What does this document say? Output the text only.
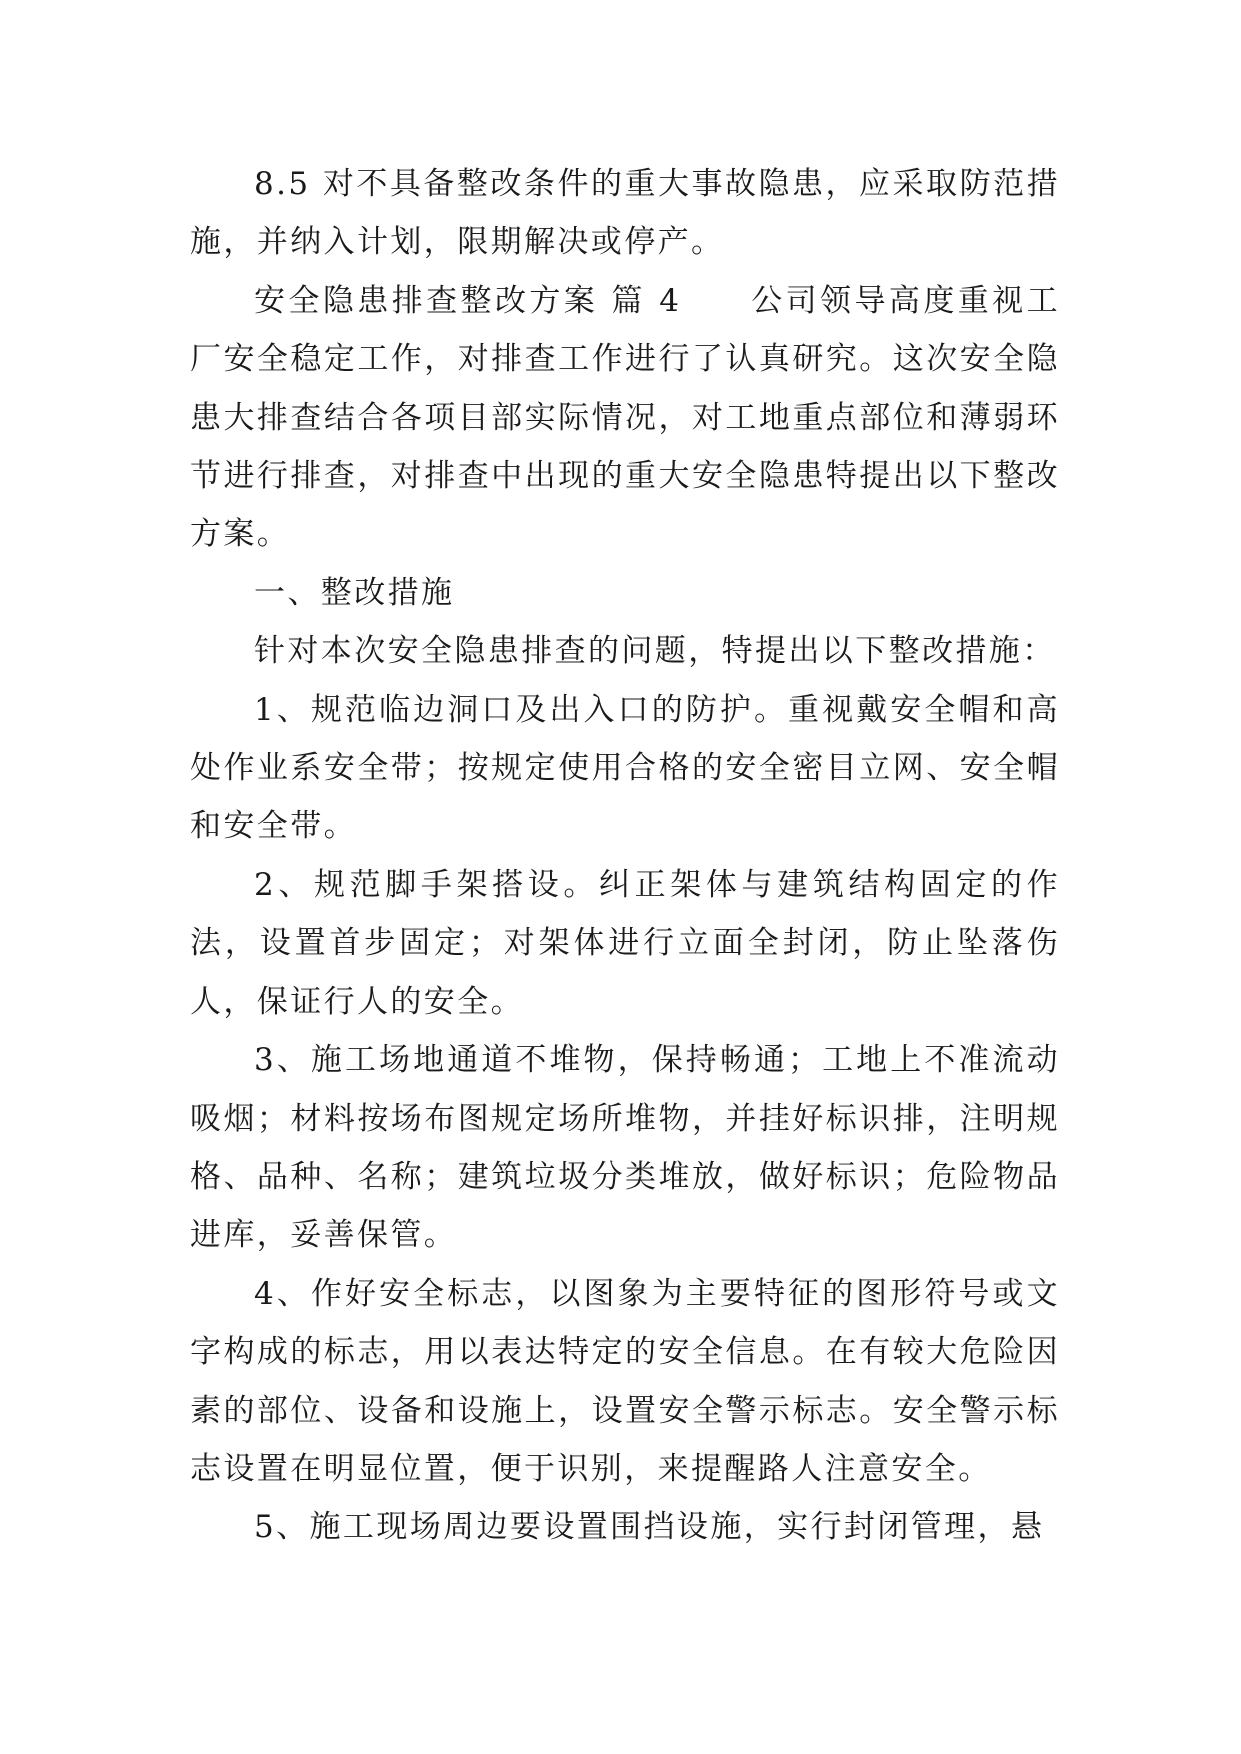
8.5 对不具备整改条件的重大事故隐患，应采取防范措施，并纳入计划，限期解决或停产。

安全隐患排查整改方案 篇 4　　公司领导高度重视工厂安全稳定工作，对排查工作进行了认真研究。这次安全隐患大排查结合各项目部实际情况，对工地重点部位和薄弱环节进行排查，对排查中出现的重大安全隐患特提出以下整改方案。

一、整改措施

针对本次安全隐患排查的问题，特提出以下整改措施：

1、规范临边洞口及出入口的防护。重视戴安全帽和高处作业系安全带；按规定使用合格的安全密目立网、安全帽和安全带。

2、规范脚手架搭设。纠正架体与建筑结构固定的作法，设置首步固定；对架体进行立面全封闭，防止坠落伤人，保证行人的安全。

3、施工场地通道不堆物，保持畅通；工地上不准流动吸烟；材料按场布图规定场所堆物，并挂好标识排，注明规格、品种、名称；建筑垃圾分类堆放，做好标识；危险物品进库，妥善保管。

4、作好安全标志，以图象为主要特征的图形符号或文字构成的标志，用以表达特定的安全信息。在有较大危险因素的部位、设备和设施上，设置安全警示标志。安全警示标志设置在明显位置，便于识别，来提醒路人注意安全。

5、施工现场周边要设置围挡设施，实行封闭管理，悬
